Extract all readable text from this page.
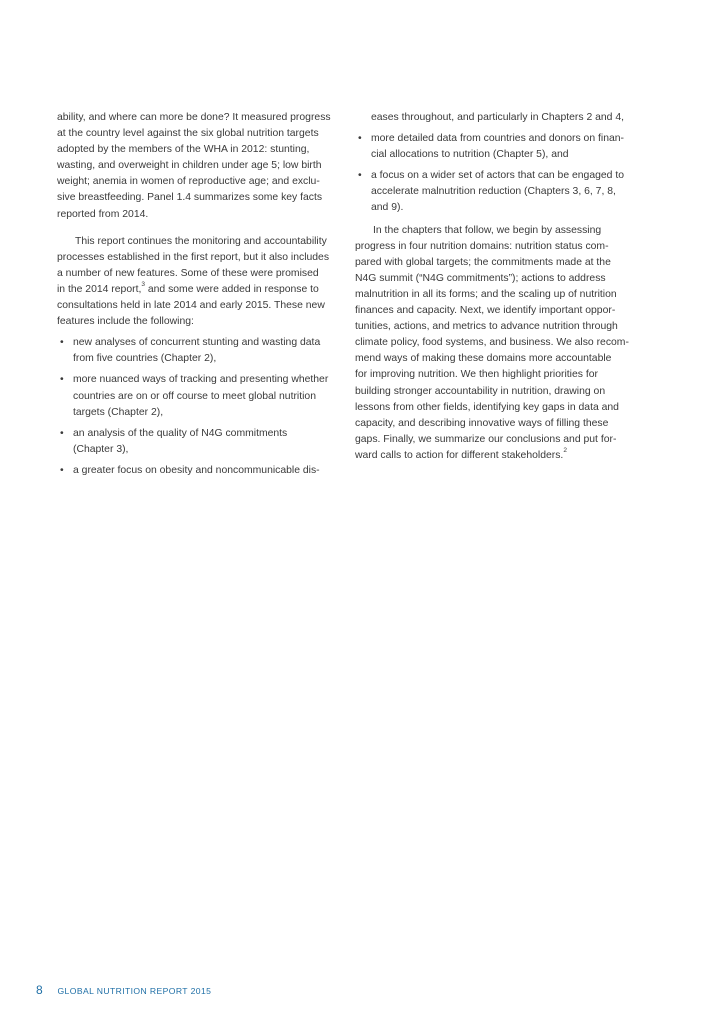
ability, and where can more be done? It measured progress
at the country level against the six global nutrition targets
adopted by the members of the WHA in 2012: stunting,
wasting, and overweight in children under age 5; low birth
weight; anemia in women of reproductive age; and exclu-
sive breastfeeding. Panel 1.4 summarizes some key facts
reported from 2014.
This report continues the monitoring and accountability
processes established in the first report, but it also includes
a number of new features. Some of these were promised
in the 2014 report,$^3$ and some were added in response to
consultations held in late 2014 and early 2015. These new
features include the following:
• new analyses of concurrent stunting and wasting data
from five countries (Chapter 2),
• more nuanced ways of tracking and presenting whether
countries are on or off course to meet global nutrition
targets (Chapter 2),
• an analysis of the quality of N4G commitments
(Chapter 3),
• a greater focus on obesity and noncommunicable dis-
eases throughout, and particularly in Chapters 2 and 4,
• more detailed data from countries and donors on finan-
cial allocations to nutrition (Chapter 5), and
• a focus on a wider set of actors that can be engaged to
accelerate malnutrition reduction (Chapters 3, 6, 7, 8,
and 9).
In the chapters that follow, we begin by assessing
progress in four nutrition domains: nutrition status com-
pared with global targets; the commitments made at the
N4G summit (“N4G commitments”); actions to address
malnutrition in all its forms; and the scaling up of nutrition
finances and capacity. Next, we identify important oppor-
tunities, actions, and metrics to advance nutrition through
climate policy, food systems, and business. We also recom-
mend ways of making these domains more accountable
for improving nutrition. We then highlight priorities for
building stronger accountability in nutrition, drawing on
lessons from other fields, identifying key gaps in data and
capacity, and describing innovative ways of filling these
gaps. Finally, we summarize our conclusions and put for-
ward calls to action for different stakeholders.$^2$
8 GLOBAL NUTRITION REPORT 2015
